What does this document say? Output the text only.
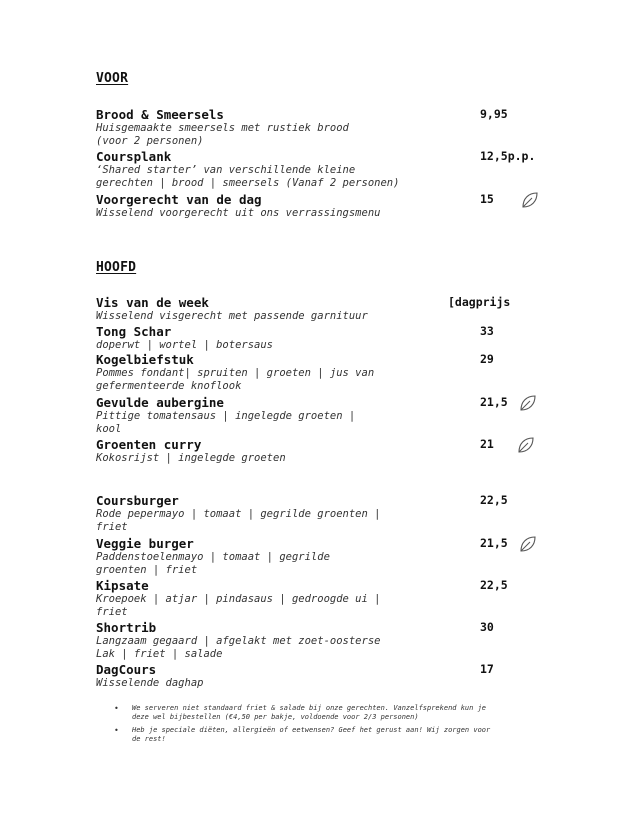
VOOR
Brood & Smeersels	9,95
Huisgemaakte smeersels met rustiek brood
(voor 2 personen)
Coursplank	12,5p.p.
‘Shared starter’ van verschillende kleine
gerechten | brood | smeersels (Vanaf 2 personen)
Voorgerecht van de dag	15
Wisselend voorgerecht uit ons verrassingsmenu
HOOFD
Vis van de week	[dagprijs
Wisselend visgerecht met passende garnituur
Tong Schar	33
doperwt | wortel | botersaus
Kogelbiefstuk	29
Pommes fondant| spruiten | groeten | jus van
gefermenteerde knoflook
Gevulde aubergine	21,5
Pittige tomatensaus | ingelegde groeten |
kool
Groenten curry	21
Kokosrijst | ingelegde groeten
Coursburger	22,5
Rode pepermayo | tomaat | gegrilde groenten |
friet
Veggie burger	21,5
Paddenstoelenmayo | tomaat | gegrilde
groenten | friet
Kipsate	22,5
Kroepoek | atjar | pindasaus | gedroogde ui |
friet
Shortrib	30
Langzaam gegaard | afgelakt met zoet-oosterse
Lak | friet | salade
DagCours	17
Wisselende daghap
• We serveren niet standaard friet & salade bij onze gerechten. Vanzelfsprekend kun je
deze wel bijbestellen (€4,50 per bakje, voldoende voor 2/3 personen)
• Heb je speciale diëten, allergieën of eetwensen? Geef het gerust aan! Wij zorgen voor
de rest!
